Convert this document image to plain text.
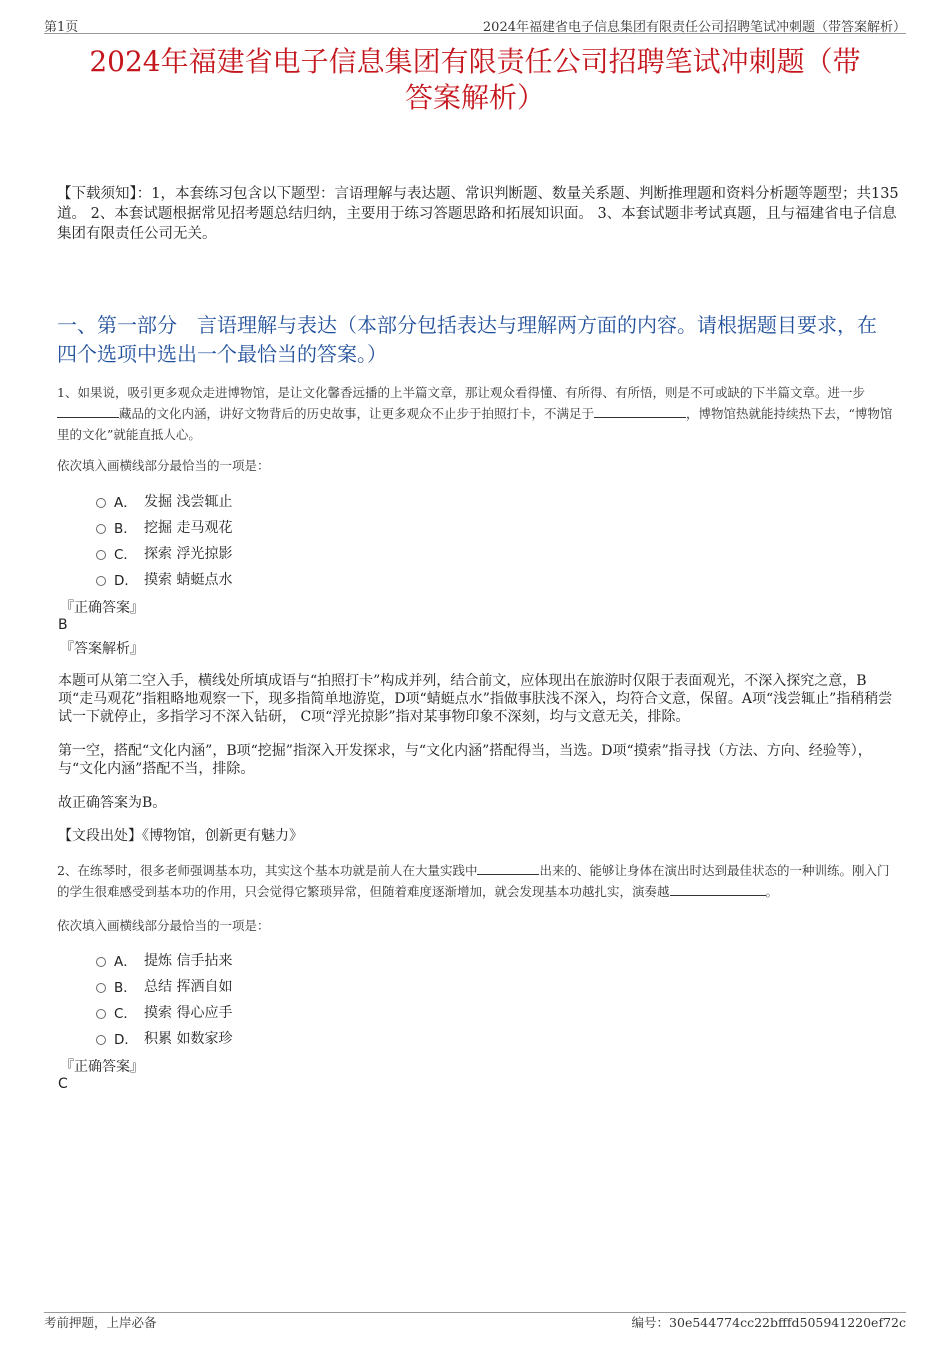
第1页	2024年福建省电子信息集团有限责任公司招聘笔试冲刺题（带答案解析）
2024年福建省电子信息集团有限责任公司招聘笔试冲刺题（带
答案解析）
【下载须知】：1，本套练习包含以下题型：言语理解与表达题、常识判断题、数量关系题、判断推理题和资料分析题等题型；共135道。 2、本套试题根据常见招考题总结归纳，主要用于练习答题思路和拓展知识面。 3、本套试题非考试真题，且与福建省电子信息集团有限责任公司无关。
一、第一部分　言语理解与表达（本部分包括表达与理解两方面的内容。请根据题目要求，在四个选项中选出一个最恰当的答案。）
1、如果说，吸引更多观众走进博物馆，是让文化馨香远播的上半篇文章，那让观众看得懂、有所得、有所悟，则是不可或缺的下半篇文章。进一步藏品的文化内涵，讲好文物背后的历史故事，让更多观众不止步于拍照打卡，不满足于	，博物馆热就能持续热下去，“博物馆里的文化”就能直抵人心。
依次填入画横线部分最恰当的一项是：
A． 发掘 浅尝辄止
B． 挖掘 走马观花
C． 探索 浮光掠影
D． 摸索 蜻蜓点水
『正确答案』
B
『答案解析』
本题可从第二空入手，横线处所填成语与“拍照打卡”构成并列，结合前文，应体现出在旅游时仅限于表面观光，不深入探究之意，B项“走马观花”指粗略地观察一下，现多指简单地游览，D项“蜻蜓点水”指做事肤浅不深入，均符合文意，保留。A项“浅尝辄止”指稍稍尝试一下就停止，多指学习不深入钻研， C项“浮光掠影”指对某事物印象不深刻，均与文意无关，排除。
第一空，搭配“文化内涵”，B项“挖掘”指深入开发探求，与“文化内涵”搭配得当，当选。D项“摸索”指寻找（方法、方向、经验等），与“文化内涵”搭配不当，排除。
故正确答案为B。
【文段出处】《博物馆，创新更有魅力》
2、在练琴时，很多老师强调基本功，其实这个基本功就是前人在大量实践中	出来的、能够让身体在演出时达到最佳状态的一种训练。刚入门的学生很难感受到基本功的作用，只会觉得它繁琐异常，但随着难度逐渐增加，就会发现基本功越扎实，演奏越	。
依次填入画横线部分最恰当的一项是：
A． 提炼 信手拈来
B． 总结 挥洒自如
C． 摸索 得心应手
D． 积累 如数家珍
『正确答案』
C
考前押题，上岸必备	编号：30e544774cc22bfffd505941220ef72c
